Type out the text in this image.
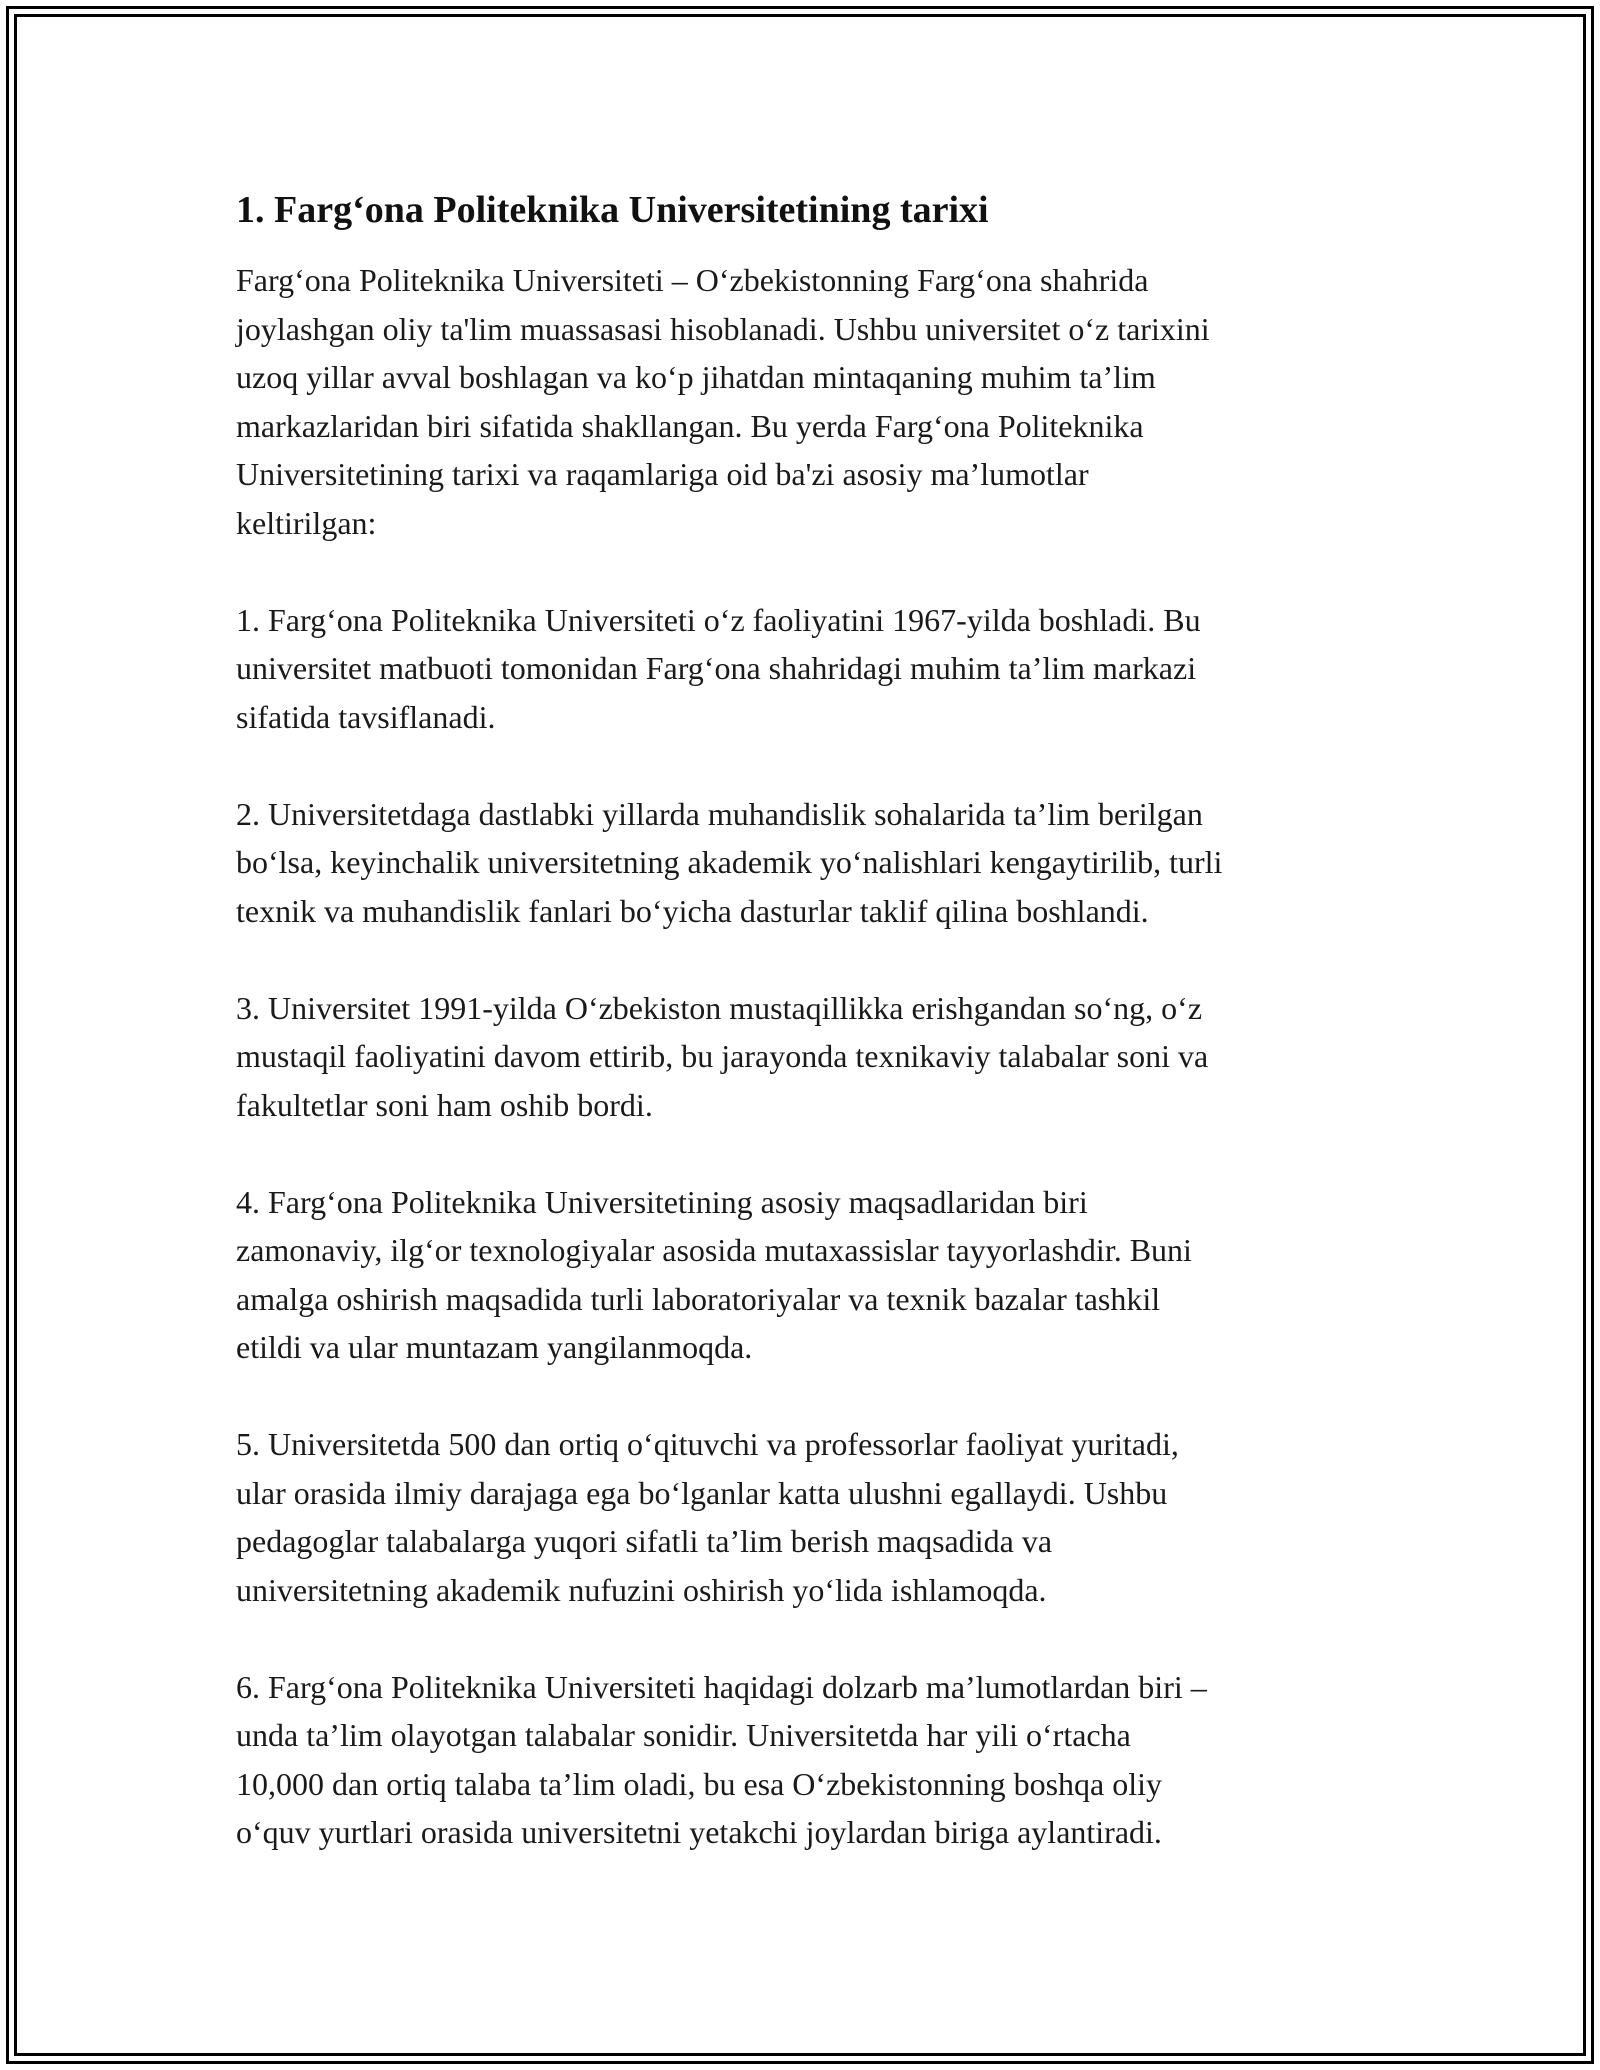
1. Farg‘ona Politeknika Universitetining tarixi

Farg‘ona Politeknika Universiteti – O‘zbekistonning Farg‘ona shahrida
joylashgan oliy ta'lim muassasasi hisoblanadi. Ushbu universitet o‘z tarixini
uzoq yillar avval boshlagan va ko‘p jihatdan mintaqaning muhim ta’lim
markazlaridan biri sifatida shakllangan. Bu yerda Farg‘ona Politeknika
Universitetining tarixi va raqamlariga oid ba'zi asosiy ma’lumotlar
keltirilgan:

1. Farg‘ona Politeknika Universiteti o‘z faoliyatini 1967-yilda boshladi. Bu
universitet matbuoti tomonidan Farg‘ona shahridagi muhim ta’lim markazi
sifatida tavsiflanadi.

2. Universitetdaga dastlabki yillarda muhandislik sohalarida ta’lim berilgan
bo‘lsa, keyinchalik universitetning akademik yo‘nalishlari kengaytirilib, turli
texnik va muhandislik fanlari bo‘yicha dasturlar taklif qilina boshlandi.

3. Universitet 1991-yilda O‘zbekiston mustaqillikka erishgandan so‘ng, o‘z
mustaqil faoliyatini davom ettirib, bu jarayonda texnikaviy talabalar soni va
fakultetlar soni ham oshib bordi.

4. Farg‘ona Politeknika Universitetining asosiy maqsadlaridan biri
zamonaviy, ilg‘or texnologiyalar asosida mutaxassislar tayyorlashdir. Buni
amalga oshirish maqsadida turli laboratoriyalar va texnik bazalar tashkil
etildi va ular muntazam yangilanmoqda.

5. Universitetda 500 dan ortiq o‘qituvchi va professorlar faoliyat yuritadi,
ular orasida ilmiy darajaga ega bo‘lganlar katta ulushni egallaydi. Ushbu
pedagoglar talabalarga yuqori sifatli ta’lim berish maqsadida va
universitetning akademik nufuzini oshirish yo‘lida ishlamoqda.

6. Farg‘ona Politeknika Universiteti haqidagi dolzarb ma’lumotlardan biri –
unda ta’lim olayotgan talabalar sonidir. Universitetda har yili o‘rtacha
10,000 dan ortiq talaba ta’lim oladi, bu esa O‘zbekistonning boshqa oliy
o‘quv yurtlari orasida universitetni yetakchi joylardan biriga aylantiradi.
